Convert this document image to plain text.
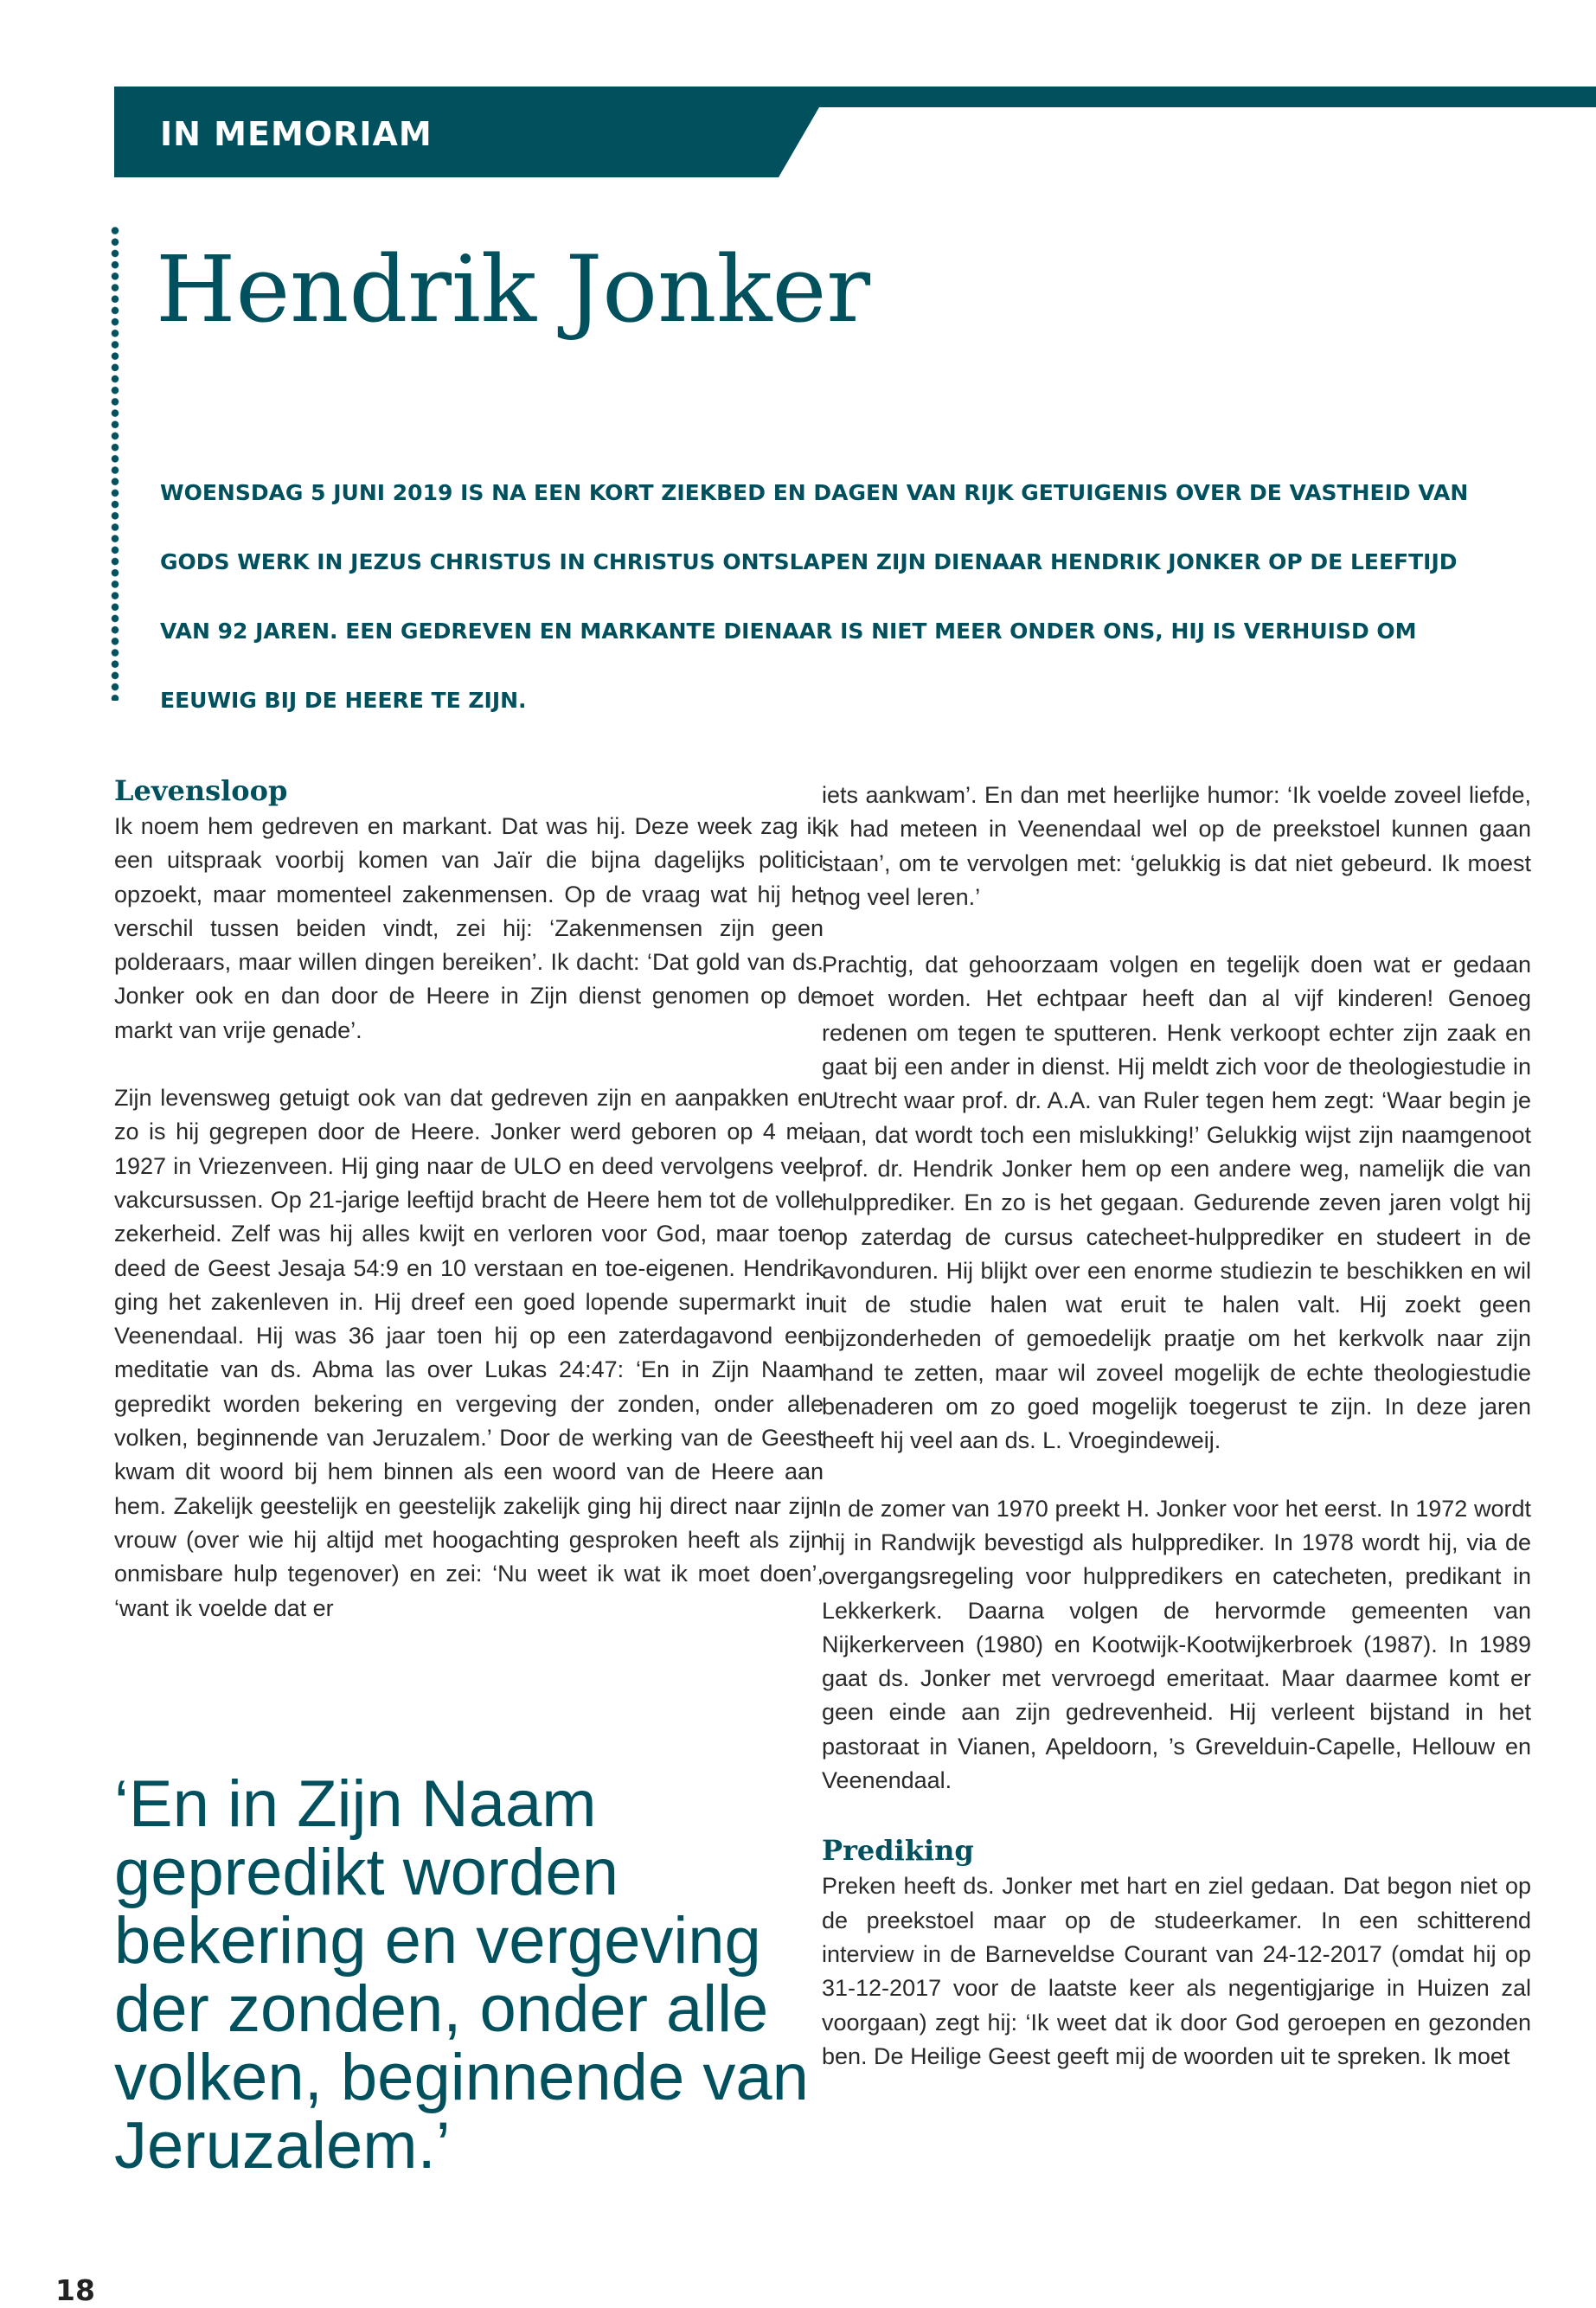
IN MEMORIAM
Hendrik Jonker

WOENSDAG 5 JUNI 2019 IS NA EEN KORT ZIEKBED EN DAGEN VAN RIJK GETUIGENIS OVER DE VASTHEID VAN GODS WERK IN JEZUS CHRISTUS IN CHRISTUS ONTSLAPEN ZIJN DIENAAR HENDRIK JONKER OP DE LEEFTIJD VAN 92 JAREN. EEN GEDREVEN EN MARKANTE DIENAAR IS NIET MEER ONDER ONS, HIJ IS VERHUISD OM EEUWIG BIJ DE HEERE TE ZIJN.

Levensloop

Ik noem hem gedreven en markant. Dat was hij. Deze week zag ik een uitspraak voorbij komen van Jaïr die bijna dagelijks politici opzoekt, maar momenteel zakenmensen. Op de vraag wat hij het verschil tussen beiden vindt, zei hij: ‘Zakenmensen zijn geen polderaars, maar willen dingen bereiken’. Ik dacht: ‘Dat gold van ds. Jonker ook en dan door de Heere in Zijn dienst genomen op de markt van vrije genade’.

Zijn levensweg getuigt ook van dat gedreven zijn en aanpakken en zo is hij gegrepen door de Heere. Jonker werd geboren op 4 mei 1927 in Vriezenveen. Hij ging naar de ULO en deed vervolgens veel vakcursussen. Op 21-jarige leeftijd bracht de Heere hem tot de volle zekerheid. Zelf was hij alles kwijt en verloren voor God, maar toen deed de Geest Jesaja 54:9 en 10 verstaan en toe-eigenen. Hendrik ging het zakenleven in. Hij dreef een goed lopende supermarkt in Veenendaal. Hij was 36 jaar toen hij op een zaterdagavond een meditatie van ds. Abma las over Lukas 24:47: ‘En in Zijn Naam gepredikt worden bekering en vergeving der zonden, onder alle volken, beginnende van Jeruzalem.’ Door de werking van de Geest kwam dit woord bij hem binnen als een woord van de Heere aan hem. Zakelijk geestelijk en geestelijk zakelijk ging hij direct naar zijn vrouw (over wie hij altijd met hoogachting gesproken heeft als zijn onmisbare hulp tegenover) en zei: ‘Nu weet ik wat ik moet doen’, ‘want ik voelde dat er

‘En in Zijn Naam gepredikt worden bekering en vergeving der zonden, onder alle volken, beginnende van Jeruzalem.’

iets aankwam’. En dan met heerlijke humor: ‘Ik voelde zoveel liefde, ik had meteen in Veenendaal wel op de preekstoel kunnen gaan staan’, om te vervolgen met: ‘gelukkig is dat niet gebeurd. Ik moest nog veel leren.’

Prachtig, dat gehoorzaam volgen en tegelijk doen wat er gedaan moet worden. Het echtpaar heeft dan al vijf kinderen! Genoeg redenen om tegen te sputteren. Henk verkoopt echter zijn zaak en gaat bij een ander in dienst. Hij meldt zich voor de theologiestudie in Utrecht waar prof. dr. A.A. van Ruler tegen hem zegt: ‘Waar begin je aan, dat wordt toch een mislukking!’ Gelukkig wijst zijn naamgenoot prof. dr. Hendrik Jonker hem op een andere weg, namelijk die van hulpprediker. En zo is het gegaan. Gedurende zeven jaren volgt hij op zaterdag de cursus catecheet-hulpprediker en studeert in de avonduren. Hij blijkt over een enorme studiezin te beschikken en wil uit de studie halen wat eruit te halen valt. Hij zoekt geen bijzonderheden of gemoedelijk praatje om het kerkvolk naar zijn hand te zetten, maar wil zoveel mogelijk de echte theologiestudie benaderen om zo goed mogelijk toegerust te zijn. In deze jaren heeft hij veel aan ds. L. Vroegindeweij.

In de zomer van 1970 preekt H. Jonker voor het eerst. In 1972 wordt hij in Randwijk bevestigd als hulpprediker. In 1978 wordt hij, via de overgangsregeling voor hulppredikers en catecheten, predikant in Lekkerkerk. Daarna volgen de hervormde gemeenten van Nijkerkerveen (1980) en Kootwijk-Kootwijkerbroek (1987). In 1989 gaat ds. Jonker met vervroegd emeritaat. Maar daarmee komt er geen einde aan zijn gedrevenheid. Hij verleent bijstand in het pastoraat in Vianen, Apeldoorn, ’s Grevelduin-Capelle, Hellouw en Veenendaal.

Prediking

Preken heeft ds. Jonker met hart en ziel gedaan. Dat begon niet op de preekstoel maar op de studeerkamer. In een schitterend interview in de Barneveldse Courant van 24-12-2017 (omdat hij op 31-12-2017 voor de laatste keer als negentigjarige in Huizen zal voorgaan) zegt hij: ‘Ik weet dat ik door God geroepen en gezonden ben. De Heilige Geest geeft mij de woorden uit te spreken. Ik moet

18
